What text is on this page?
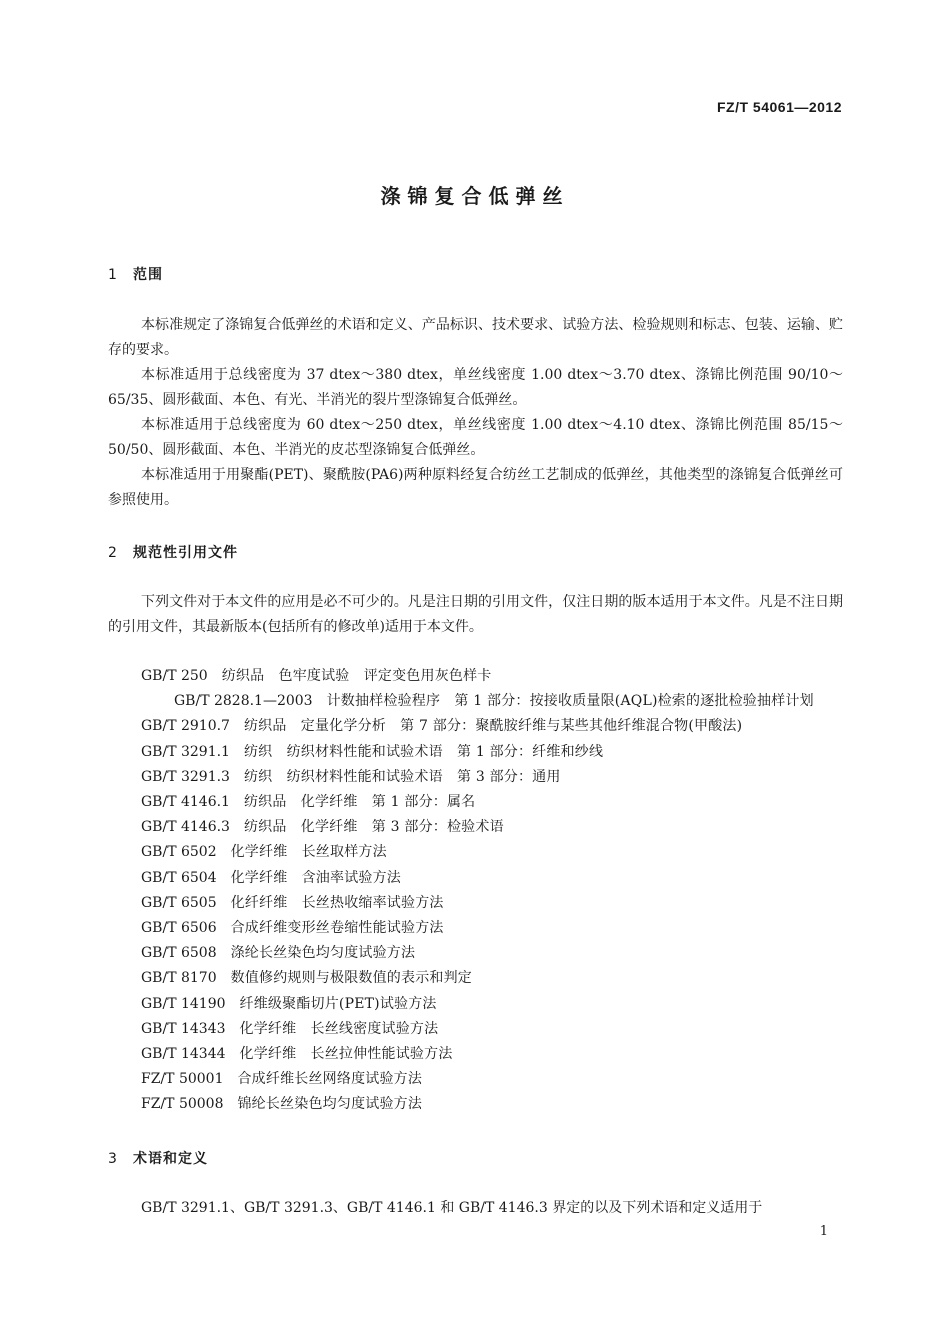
FZ/T 54061—2012
涤锦复合低弹丝
1 范围
本标准规定了涤锦复合低弹丝的术语和定义、产品标识、技术要求、试验方法、检验规则和标志、包装、运输、贮存的要求。
本标准适用于总线密度为 37 dtex～380 dtex，单丝线密度 1.00 dtex～3.70 dtex、涤锦比例范围 90/10～65/35、圆形截面、本色、有光、半消光的裂片型涤锦复合低弹丝。
本标准适用于总线密度为 60 dtex～250 dtex，单丝线密度 1.00 dtex～4.10 dtex、涤锦比例范围 85/15～50/50、圆形截面、本色、半消光的皮芯型涤锦复合低弹丝。
本标准适用于用聚酯(PET)、聚酰胺(PA6)两种原料经复合纺丝工艺制成的低弹丝，其他类型的涤锦复合低弹丝可参照使用。
2 规范性引用文件
下列文件对于本文件的应用是必不可少的。凡是注日期的引用文件，仅注日期的版本适用于本文件。凡是不注日期的引用文件，其最新版本(包括所有的修改单)适用于本文件。
GB/T 250 纺织品　色牢度试验　评定变色用灰色样卡
GB/T 2828.1—2003 计数抽样检验程序　第 1 部分：按接收质量限(AQL)检索的逐批检验抽样计划
GB/T 2910.7 纺织品　定量化学分析　第 7 部分：聚酰胺纤维与某些其他纤维混合物(甲酸法)
GB/T 3291.1 纺织　纺织材料性能和试验术语　第 1 部分：纤维和纱线
GB/T 3291.3 纺织　纺织材料性能和试验术语　第 3 部分：通用
GB/T 4146.1 纺织品　化学纤维　第 1 部分：属名
GB/T 4146.3 纺织品　化学纤维　第 3 部分：检验术语
GB/T 6502 化学纤维　长丝取样方法
GB/T 6504 化学纤维　含油率试验方法
GB/T 6505 化纤纤维　长丝热收缩率试验方法
GB/T 6506 合成纤维变形丝卷缩性能试验方法
GB/T 6508 涤纶长丝染色均匀度试验方法
GB/T 8170 数值修约规则与极限数值的表示和判定
GB/T 14190 纤维级聚酯切片(PET)试验方法
GB/T 14343 化学纤维　长丝线密度试验方法
GB/T 14344 化学纤维　长丝拉伸性能试验方法
FZ/T 50001 合成纤维长丝网络度试验方法
FZ/T 50008 锦纶长丝染色均匀度试验方法
3 术语和定义
GB/T 3291.1、GB/T 3291.3、GB/T 4146.1 和 GB/T 4146.3 界定的以及下列术语和定义适用于
1
